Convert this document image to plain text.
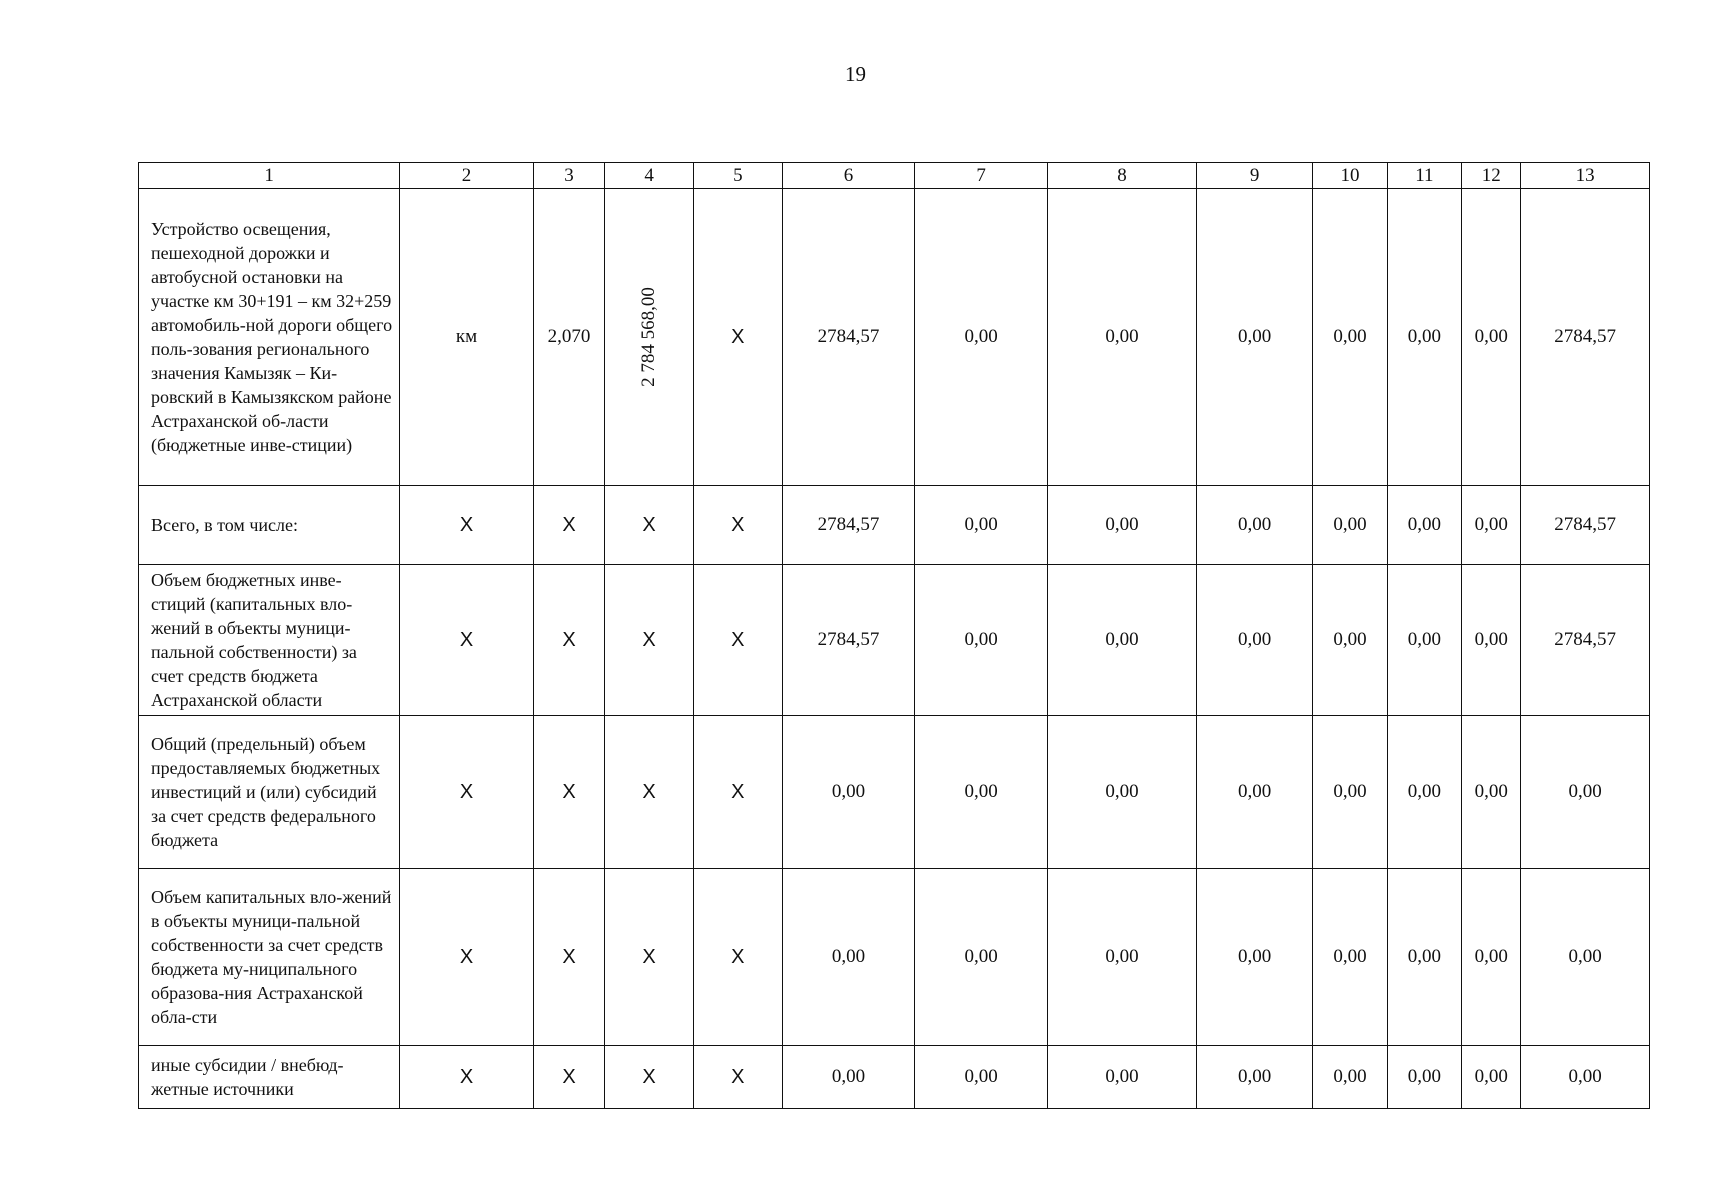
19
1	2	3	4	5	6	7	8	9	10	11	12	13
Устройство освещения, пешеходной дорожки и автобусной остановки на участке км 30+191 – км 32+259 автомобиль-ной дороги общего поль-зования регионального значения Камызяк – Ки-ровский в Камызякском районе Астраханской об-ласти (бюджетные инве-стиции)	км	2,070	2 784 568,00	X	2784,57	0,00	0,00	0,00	0,00	0,00	0,00	2784,57
Всего, в том числе:	X	X	X	X	2784,57	0,00	0,00	0,00	0,00	0,00	0,00	2784,57
Объем бюджетных инве-стиций (капитальных вло-жений в объекты муници-пальной собственности) за счет средств бюджета Астраханской области	X	X	X	X	2784,57	0,00	0,00	0,00	0,00	0,00	0,00	2784,57
Общий (предельный) объем предоставляемых бюджетных инвестиций и (или) субсидий за счет средств федерального бюджета	X	X	X	X	0,00	0,00	0,00	0,00	0,00	0,00	0,00	0,00
Объем капитальных вло-жений в объекты муници-пальной собственности за счет средств бюджета му-ниципального образова-ния Астраханской обла-сти	X	X	X	X	0,00	0,00	0,00	0,00	0,00	0,00	0,00	0,00
иные субсидии / внебюд-жетные источники	X	X	X	X	0,00	0,00	0,00	0,00	0,00	0,00	0,00	0,00
